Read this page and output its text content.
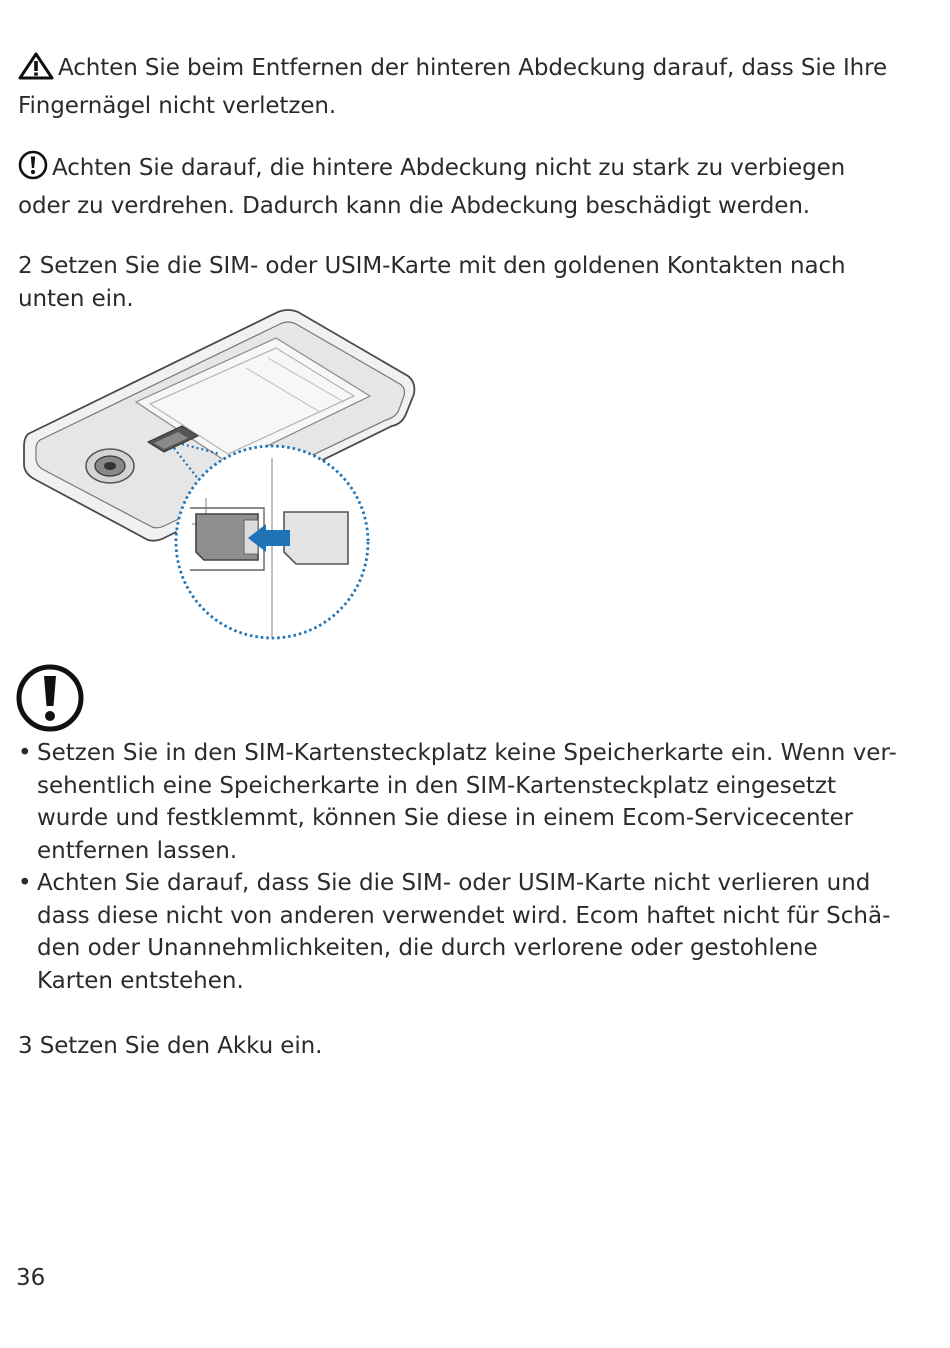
Achten Sie beim Entfernen der hinteren Abdeckung darauf, dass Sie Ihre Fingernägel nicht verletzen.
Achten Sie darauf, die hintere Abdeckung nicht zu stark zu verbiegen oder zu verdrehen. Dadurch kann die Abdeckung beschädigt werden.
2 Setzen Sie die SIM- oder USIM-Karte mit den goldenen Kontakten nach unten ein.
• Setzen Sie in den SIM-Kartensteckplatz keine Speicherkarte ein. Wenn ver- sehentlich eine Speicherkarte in den SIM-Kartensteckplatz eingesetzt wurde und festklemmt, können Sie diese in einem Ecom-Servicecenter entfernen lassen.
• Achten Sie darauf, dass Sie die SIM- oder USIM-Karte nicht verlieren und dass diese nicht von anderen verwendet wird. Ecom haftet nicht für Schä- den oder Unannehmlichkeiten, die durch verlorene oder gestohlene Karten entstehen.
3 Setzen Sie den Akku ein.
36
